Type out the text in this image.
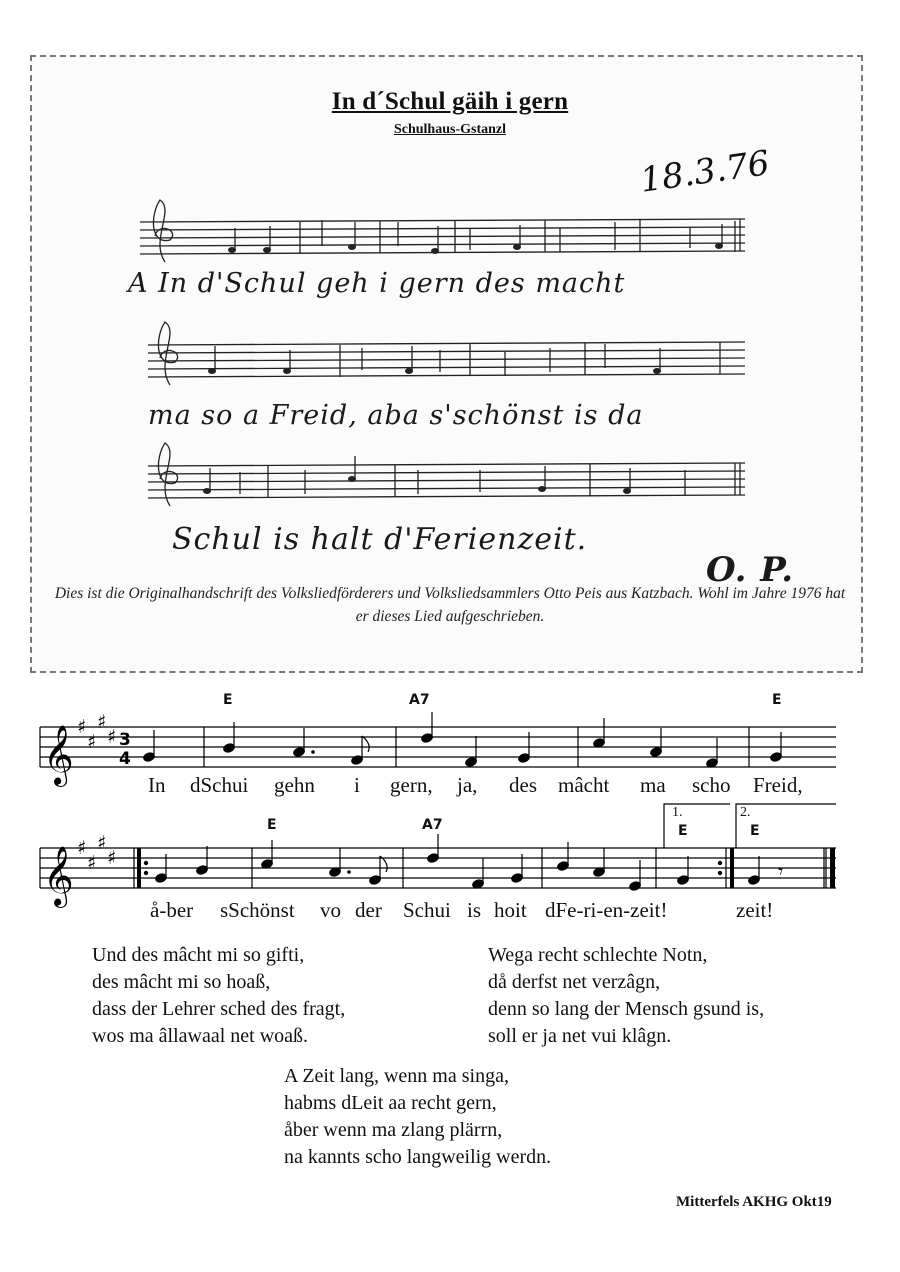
In d´Schul gäih i gern
Schulhaus-Gstanzl
18.3.76
A In d'Schul geh i gern des macht
ma so a Freid, aba s'schönst is da
Schul is halt d'Ferienzeit.
O. P.
Dies ist die Originalhandschrift des Volksliedförderers und Volksliedsammlers Otto Peis aus Katzbach. Wohl im Jahre 1976 hat er dieses Lied aufgeschrieben.
𝄞
𝄞
♯
♯
♯
♯
♯
♯
♯
♯
3
4
𝄾
E	A7	E
E	A7	E	E
1.	2.
In dSchui gehn i gern, ja, des mâcht ma scho Freid,
å-ber sSchönst vo der Schui is hoit dFe-ri-en-zeit!	zeit!
Und des mâcht mi so gifti,
des mâcht mi so hoaß,
dass der Lehrer sched des fragt,
wos ma âllawaal net woaß.
Wega recht schlechte Notn,
då derfst net verzâgn,
denn so lang der Mensch gsund is,
soll er ja net vui klâgn.
A Zeit lang, wenn ma singa,
habms dLeit aa recht gern,
åber wenn ma zlang plärrn,
na kannts scho langweilig werdn.
Mitterfels AKHG Okt19
